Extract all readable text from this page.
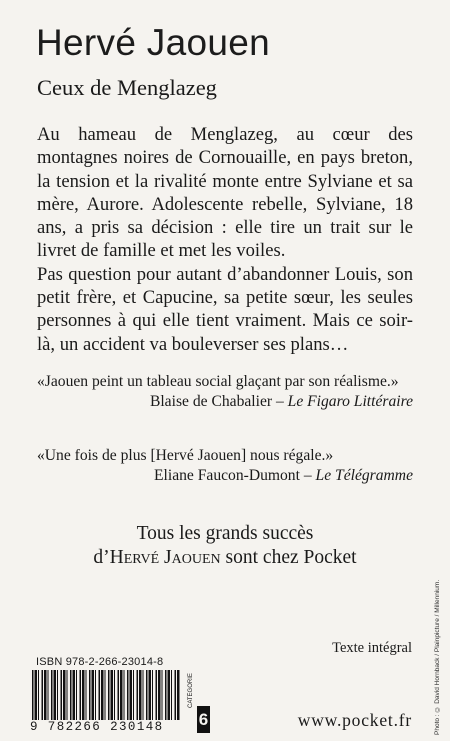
Hervé Jaouen
Ceux de Menglazeg

Au hameau de Menglazeg, au cœur des montagnes noires de Cornouaille, en pays breton, la tension et la rivalité monte entre Sylviane et sa mère, Aurore. Adolescente rebelle, Sylviane, 18 ans, a pris sa décision : elle tire un trait sur le livret de famille et met les voiles.

Pas question pour autant d’abandonner Louis, son petit frère, et Capucine, sa petite sœur, les seules personnes à qui elle tient vraiment. Mais ce soir-là, un accident va bouleverser ses plans…

«Jaouen peint un tableau social glaçant par son réalisme.»

Blaise de Chabalier – Le Figaro Littéraire

«Une fois de plus [Hervé Jaouen] nous régale.»

Eliane Faucon-Dumont – Le Télégramme

Tous les grands succès
d’Hervé Jaouen sont chez Pocket
Texte intégral
ISBN 978-2-266-23014-8
9 782266 230148
CATÉGORIE
6	www.pocket.fr	Photo : © David Hornback / Plainpicture / Millennium.
